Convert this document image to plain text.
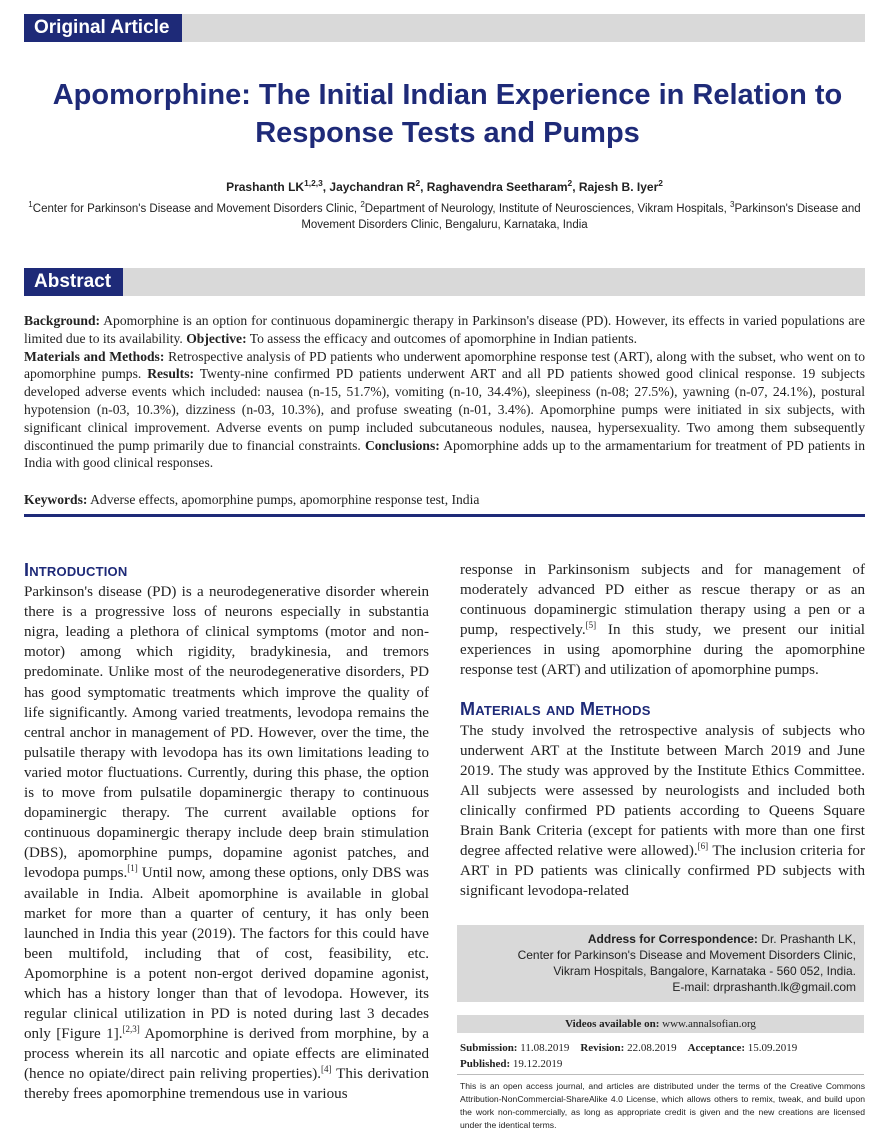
Original Article
Apomorphine: The Initial Indian Experience in Relation to Response Tests and Pumps
Prashanth LK$^{1,2,3}$, Jaychandran $R^2$, Raghavendra Seetharam$^2$, Rajesh B. Iyer$^2$
$^1$Center for Parkinson's Disease and Movement Disorders Clinic, $^2$Department of Neurology, Institute of Neurosciences, Vikram Hospitals, $^3$Parkinson's Disease and Movement Disorders Clinic, Bengaluru, Karnataka, India
Abstract

Background: Apomorphine is an option for continuous dopaminergic therapy in Parkinson's disease (PD). However, its effects in varied populations are limited due to its availability. Objective: To assess the efficacy and outcomes of apomorphine in Indian patients.
Materials and Methods: Retrospective analysis of PD patients who underwent apomorphine response test (ART), along with the subset, who went on to apomorphine pumps. Results: Twenty-nine confirmed PD patients underwent ART and all PD patients showed good clinical response. 19 subjects developed adverse events which included: nausea (n-15, 51.7%), vomiting (n-10, 34.4%), sleepiness (n-08; 27.5%), yawning (n-07, 24.1%), postural hypotension (n-03, 10.3%), dizziness (n-03, 10.3%), and profuse sweating (n-01, 3.4%). Apomorphine pumps were initiated in six subjects, with significant clinical improvement. Adverse events on pump included subcutaneous nodules, nausea, hypersexuality. Two among them subsequently discontinued the pump primarily due to financial constraints. Conclusions: Apomorphine adds up to the armamentarium for treatment of PD patients in India with good clinical responses.

Keywords: Adverse effects, apomorphine pumps, apomorphine response test, India

Introduction

Parkinson's disease (PD) is a neurodegenerative disorder wherein there is a progressive loss of neurons especially in substantia nigra, leading a plethora of clinical symptoms (motor and non-motor) among which rigidity, bradykinesia, and tremors predominate. Unlike most of the neurodegenerative disorders, PD has good symptomatic treatments which improve the quality of life significantly. Among varied treatments, levodopa remains the central anchor in management of PD. However, over the time, the pulsatile therapy with levodopa has its own limitations leading to varied motor fluctuations. Currently, during this phase, the option is to move from pulsatile dopaminergic therapy to continuous dopaminergic therapy. The current available options for continuous dopaminergic therapy include deep brain stimulation (DBS), apomorphine pumps, dopamine agonist patches, and levodopa pumps.[1] Until now, among these options, only DBS was available in India. Albeit apomorphine is available in global market for more than a quarter of century, it has only been launched in India this year (2019). The factors for this could have been multifold, including that of cost, feasibility, etc. Apomorphine is a potent non-ergot derived dopamine agonist, which has a history longer than that of levodopa. However, its regular clinical utilization in PD is noted during last 3 decades only [Figure 1].[2,3] Apomorphine is derived from morphine, by a process wherein its all narcotic and opiate effects are eliminated (hence no opiate/direct pain reliving properties).[4] This derivation thereby frees apomorphine tremendous use in various

response in Parkinsonism subjects and for management of moderately advanced PD either as rescue therapy or as an continuous dopaminergic stimulation therapy using a pen or a pump, respectively.[5] In this study, we present our initial experiences in using apomorphine during the apomorphine response test (ART) and utilization of apomorphine pumps.

Materials and Methods

The study involved the retrospective analysis of subjects who underwent ART at the Institute between March 2019 and June 2019. The study was approved by the Institute Ethics Committee. All subjects were assessed by neurologists and included both clinically confirmed PD patients according to Queens Square Brain Bank Criteria (except for patients with more than one first degree affected relative were allowed).[6] The inclusion criteria for ART in PD patients was clinically confirmed PD subjects with significant levodopa-related

Address for Correspondence: Dr. Prashanth LK,
Center for Parkinson's Disease and Movement Disorders Clinic,
Vikram Hospitals, Bangalore, Karnataka - 560 052, India.
E-mail: drprashanth.lk@gmail.com
Videos available on: www.annalsofian.org
Submission: 11.08.2019 Revision: 22.08.2019 Acceptance: 15.09.2019
Published: 19.12.2019

This is an open access journal, and articles are distributed under the terms of the Creative Commons Attribution-NonCommercial-ShareAlike 4.0 License, which allows others to remix, tweak, and build upon the work non-commercially, as long as appropriate credit is given and the new creations are licensed under the identical terms.
